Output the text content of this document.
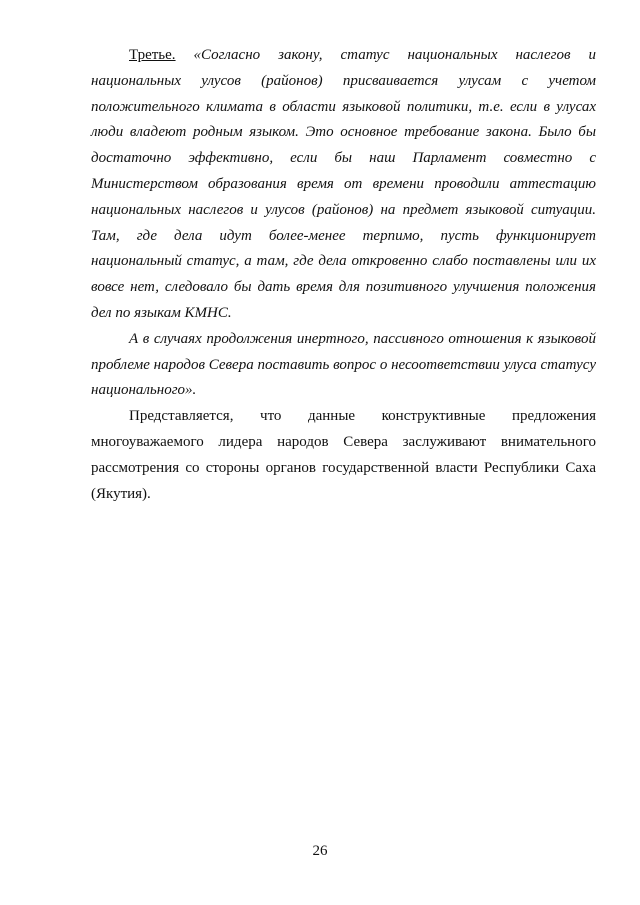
Третье. «Согласно закону, статус национальных наслегов и национальных улусов (районов) присваивается улусам с учетом положительного климата в области языковой политики, т.е. если в улусах люди владеют родным языком. Это основное требование закона. Было бы достаточно эффективно, если бы наш Парламент совместно с Министерством образования время от времени проводили аттестацию национальных наслегов и улусов (районов) на предмет языковой ситуации. Там, где дела идут более-менее терпимо, пусть функционирует национальный статус, а там, где дела откровенно слабо поставлены или их вовсе нет, следовало бы дать время для позитивного улучшения положения дел по языкам КМНС.

А в случаях продолжения инертного, пассивного отношения к языковой проблеме народов Севера поставить вопрос о несоответствии улуса статусу национального».

Представляется, что данные конструктивные предложения многоуважаемого лидера народов Севера заслуживают внимательного рассмотрения со стороны органов государственной власти Республики Саха (Якутия).

26
